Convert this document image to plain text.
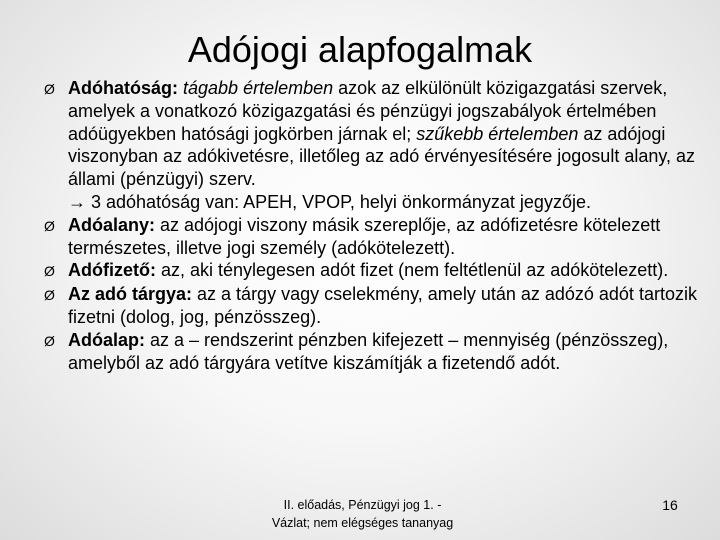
Adójogi alapfogalmak
Ø Adóhatóság: tágabb értelemben azok az elkülönült közigazgatási szervek, amelyek a vonatkozó közigazgatási és pénzügyi jogszabályok értelmében adóügyekben hatósági jogkörben járnak el; szűkebb értelemben az adójogi viszonyban az adókivetésre, illetőleg az adó érvényesítésére jogosult alany, az állami (pénzügyi) szerv.
→ 3 adóhatóság van: APEH, VPOP, helyi önkormányzat jegyzője.
Ø Adóalany: az adójogi viszony másik szereplője, az adófizetésre kötelezett természetes, illetve jogi személy (adókötelezett).
Ø Adófizető: az, aki ténylegesen adót fizet (nem feltétlenül az adókötelezett).
Ø Az adó tárgya: az a tárgy vagy cselekmény, amely után az adózó adót tartozik fizetni (dolog, jog, pénzösszeg).
Ø Adóalap: az a – rendszerint pénzben kifejezett – mennyiség (pénzösszeg), amelyből az adó tárgyára vetítve kiszámítják a fizetendő adót.
II. előadás, Pénzügyi jog 1. -
Vázlat; nem elégséges tananyag
16
